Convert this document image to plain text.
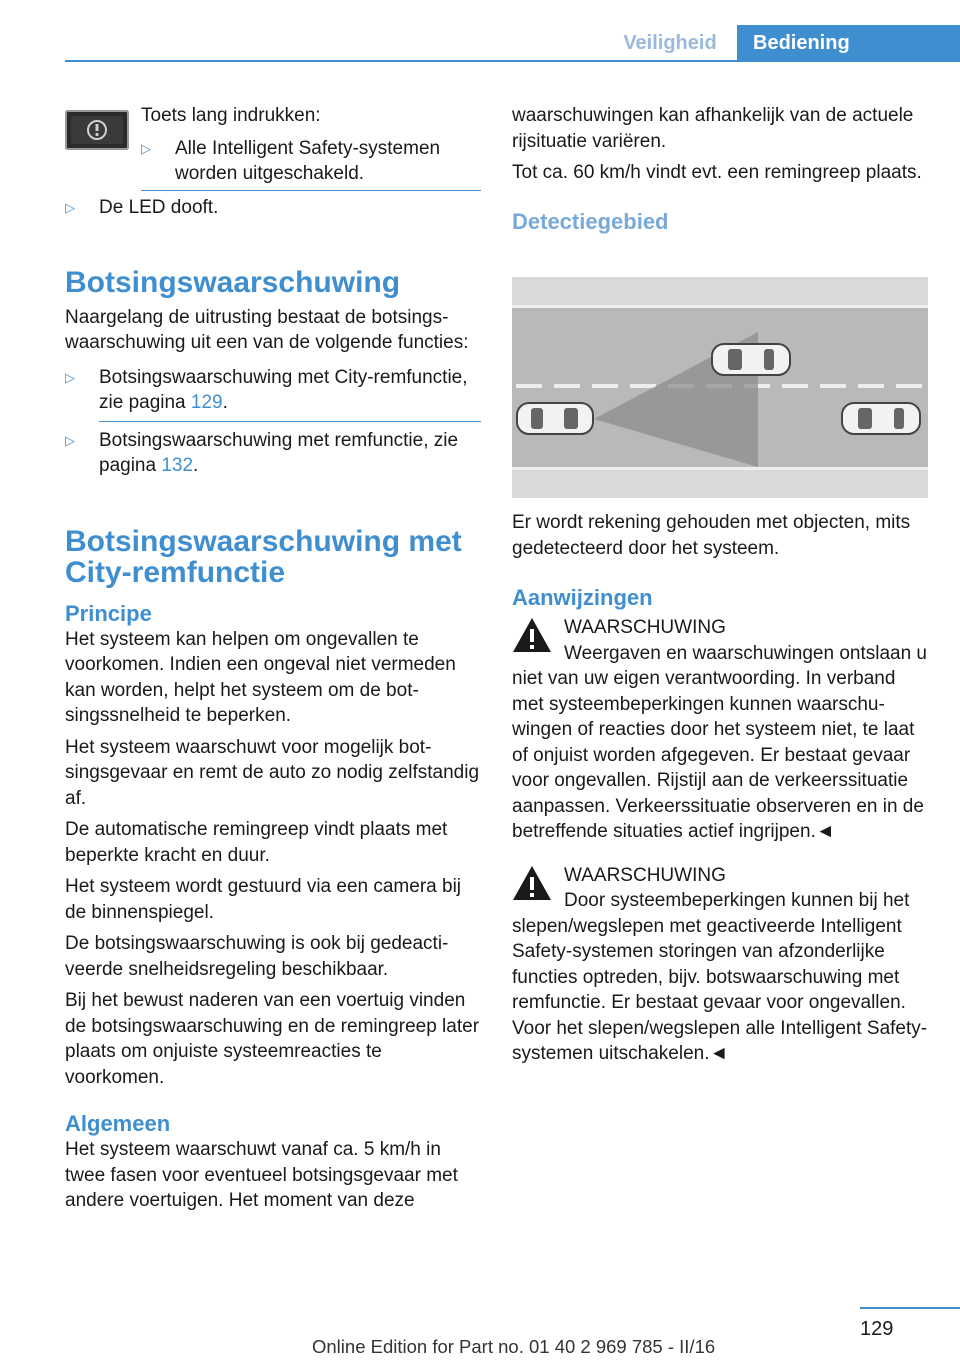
Veiligheid	Bediening

Toets lang indrukken:

▷ Alle Intelligent Safety-systemen worden uitgeschakeld.
▷ De LED dooft.
Botsingswaarschuwing

Naargelang de uitrusting bestaat de botsingswaarschuwing uit een van de volgende functies:

▷ Botsingswaarschuwing met City-remfunctie, zie pagina 129.
▷ Botsingswaarschuwing met remfunctie, zie pagina 132.
Botsingswaarschuwing met City-remfunctie
Principe

Het systeem kan helpen om ongevallen te voorkomen. Indien een ongeval niet vermeden kan worden, helpt het systeem om de botsingssnelheid te beperken.

Het systeem waarschuwt voor mogelijk botsingsgevaar en remt de auto zo nodig zelfstandig af.

De automatische remingreep vindt plaats met beperkte kracht en duur.

Het systeem wordt gestuurd via een camera bij de binnenspiegel.

De botsingswaarschuwing is ook bij gedeactiveerde snelheidsregeling beschikbaar.

Bij het bewust naderen van een voertuig vinden de botsingswaarschuwing en de remingreep later plaats om onjuiste systeemreacties te voorkomen.

Algemeen

Het systeem waarschuwt vanaf ca. 5 km/h in twee fasen voor eventueel botsingsgevaar met andere voertuigen. Het moment van deze

waarschuwingen kan afhankelijk van de actuele rijsituatie variëren.

Tot ca. 60 km/h vindt evt. een remingreep plaats.

Detectiegebied

Er wordt rekening gehouden met objecten, mits gedetecteerd door het systeem.

Aanwijzingen

WAARSCHUWING

Weergaven en waarschuwingen ontslaan u niet van uw eigen verantwoording. In verband met systeembeperkingen kunnen waarschuwingen of reacties door het systeem niet, te laat of onjuist worden afgegeven. Er bestaat gevaar voor ongevallen. Rijstijl aan de verkeerssituatie aanpassen. Verkeerssituatie observeren en in de betreffende situaties actief ingrijpen.◄

WAARSCHUWING

Door systeembeperkingen kunnen bij het slepen/wegslepen met geactiveerde Intelligent Safety-systemen storingen van afzonderlijke functies optreden, bijv. botswaarschuwing met remfunctie. Er bestaat gevaar voor ongevallen. Voor het slepen/wegslepen alle Intelligent Safety-systemen uitschakelen.◄

129
Online Edition for Part no. 01 40 2 969 785 - II/16
